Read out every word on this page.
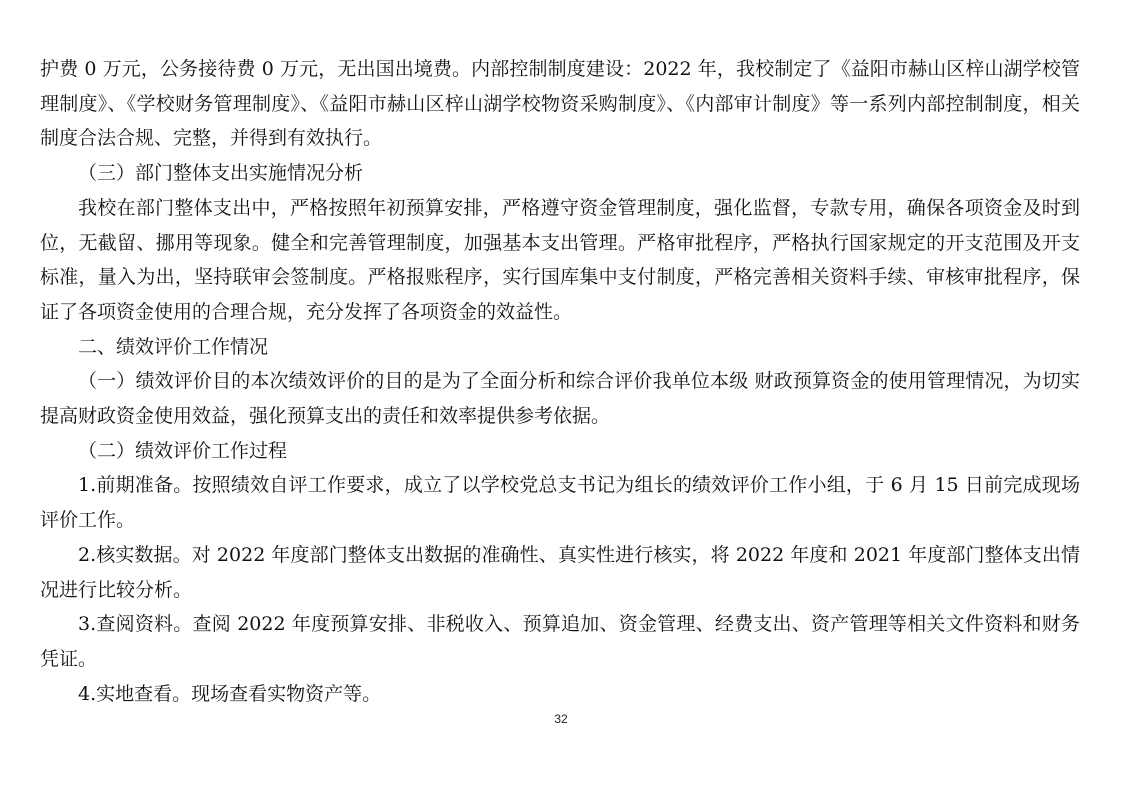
护费 0 万元，公务接待费 0 万元，无出国出境费。内部控制制度建设：2022 年，我校制定了《益阳市赫山区梓山湖学校管理制度》、《学校财务管理制度》、《益阳市赫山区梓山湖学校物资采购制度》、《内部审计制度》等一系列内部控制制度，相关制度合法合规、完整，并得到有效执行。

（三）部门整体支出实施情况分析

我校在部门整体支出中，严格按照年初预算安排，严格遵守资金管理制度，强化监督，专款专用，确保各项资金及时到位，无截留、挪用等现象。健全和完善管理制度，加强基本支出管理。严格审批程序，严格执行国家规定的开支范围及开支标准，量入为出，坚持联审会签制度。严格报账程序，实行国库集中支付制度，严格完善相关资料手续、审核审批程序，保证了各项资金使用的合理合规，充分发挥了各项资金的效益性。

二、绩效评价工作情况

（一）绩效评价目的本次绩效评价的目的是为了全面分析和综合评价我单位本级 财政预算资金的使用管理情况，为切实提高财政资金使用效益，强化预算支出的责任和效率提供参考依据。

（二）绩效评价工作过程

1.前期准备。按照绩效自评工作要求，成立了以学校党总支书记为组长的绩效评价工作小组，于 6 月 15 日前完成现场评价工作。

2.核实数据。对 2022 年度部门整体支出数据的准确性、真实性进行核实，将 2022 年度和 2021 年度部门整体支出情况进行比较分析。

3.查阅资料。查阅 2022 年度预算安排、非税收入、预算追加、资金管理、经费支出、资产管理等相关文件资料和财务凭证。

4.实地查看。现场查看实物资产等。

32
